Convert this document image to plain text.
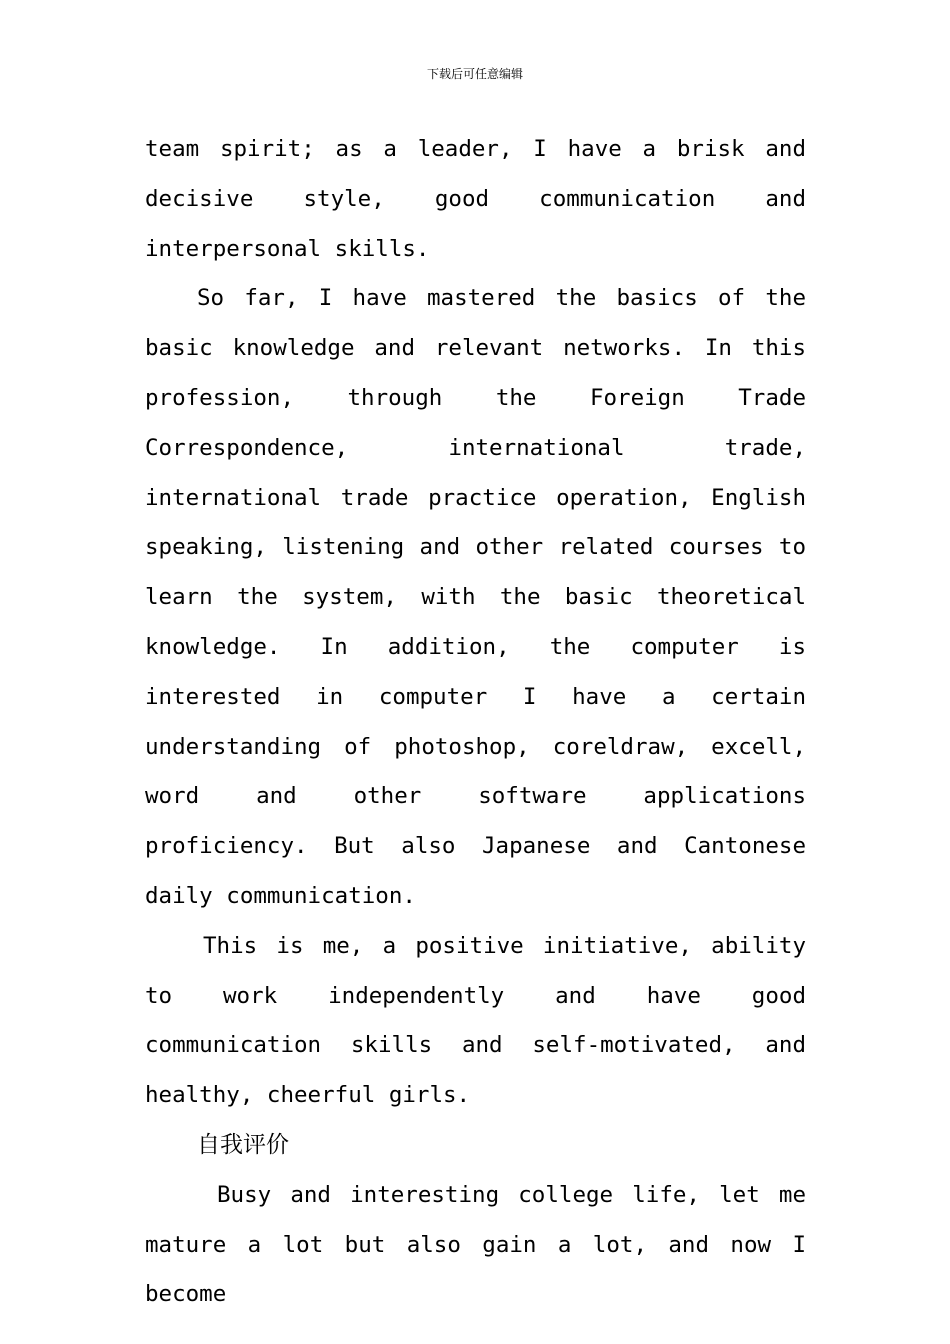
下载后可任意编辑

team spirit; as a leader, I have a brisk and decisive style, good communication and interpersonal skills.

So far, I have mastered the basics of the basic knowledge and relevant networks. In this profession, through the Foreign Trade Correspondence, international trade, international trade practice operation, English speaking, listening and other related courses to learn the system, with the basic theoretical knowledge. In addition, the computer is interested in computer I have a certain understanding of photoshop, coreldraw, excell, word and other software applications proficiency. But also Japanese and Cantonese daily communication.

This is me, a positive initiative, ability to work independently and have good communication skills and self-motivated, and healthy, cheerful girls.

自我评价

Busy and interesting college life, let me mature a lot but also gain a lot, and now I become
